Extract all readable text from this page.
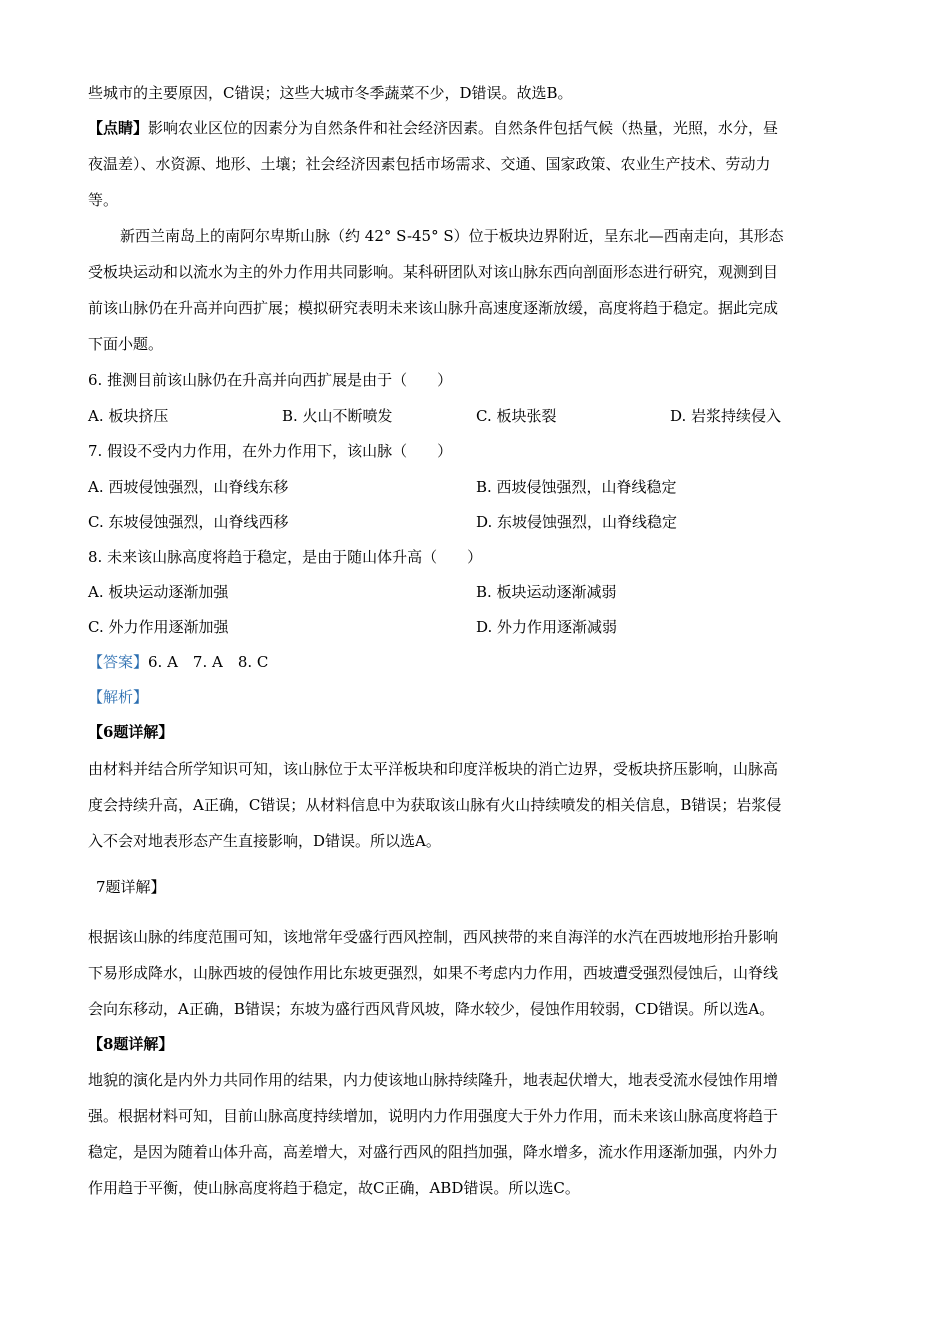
些城市的主要原因，C错误；这些大城市冬季蔬菜不少，D错误。故选B。
【点睛】影响农业区位的因素分为自然条件和社会经济因素。自然条件包括气候（热量，光照，水分，昼
夜温差）、水资源、地形、土壤；社会经济因素包括市场需求、交通、国家政策、农业生产技术、劳动力
等。
新西兰南岛上的南阿尔卑斯山脉（约 42° S-45° S）位于板块边界附近，呈东北—西南走向，其形态
受板块运动和以流水为主的外力作用共同影响。某科研团队对该山脉东西向剖面形态进行研究，观测到目
前该山脉仍在升高并向西扩展；模拟研究表明未来该山脉升高速度逐渐放缓，高度将趋于稳定。据此完成
下面小题。
6. 推测目前该山脉仍在升高并向西扩展是由于（　　）
A. 板块挤压	B. 火山不断喷发	C. 板块张裂	D. 岩浆持续侵入
7. 假设不受内力作用，在外力作用下，该山脉（　　）
A. 西坡侵蚀强烈，山脊线东移	B. 西坡侵蚀强烈，山脊线稳定
C. 东坡侵蚀强烈，山脊线西移	D. 东坡侵蚀强烈，山脊线稳定
8. 未来该山脉高度将趋于稳定，是由于随山体升高（　　）
A. 板块运动逐渐加强	B. 板块运动逐渐减弱
C. 外力作用逐渐加强	D. 外力作用逐渐减弱
【答案】6. A　7. A　8. C
【解析】
【6题详解】
由材料并结合所学知识可知，该山脉位于太平洋板块和印度洋板块的消亡边界，受板块挤压影响，山脉高
度会持续升高，A正确，C错误；从材料信息中为获取该山脉有火山持续喷发的相关信息，B错误；岩浆侵
入不会对地表形态产生直接影响，D错误。所以选A。
7题详解】
根据该山脉的纬度范围可知，该地常年受盛行西风控制，西风挟带的来自海洋的水汽在西坡地形抬升影响
下易形成降水，山脉西坡的侵蚀作用比东坡更强烈，如果不考虑内力作用，西坡遭受强烈侵蚀后，山脊线
会向东移动，A正确，B错误；东坡为盛行西风背风坡，降水较少，侵蚀作用较弱，CD错误。所以选A。
【8题详解】
地貌的演化是内外力共同作用的结果，内力使该地山脉持续隆升，地表起伏增大，地表受流水侵蚀作用增
强。根据材料可知，目前山脉高度持续增加，说明内力作用强度大于外力作用，而未来该山脉高度将趋于
稳定，是因为随着山体升高，高差增大，对盛行西风的阻挡加强，降水增多，流水作用逐渐加强，内外力
作用趋于平衡，使山脉高度将趋于稳定，故C正确，ABD错误。所以选C。
